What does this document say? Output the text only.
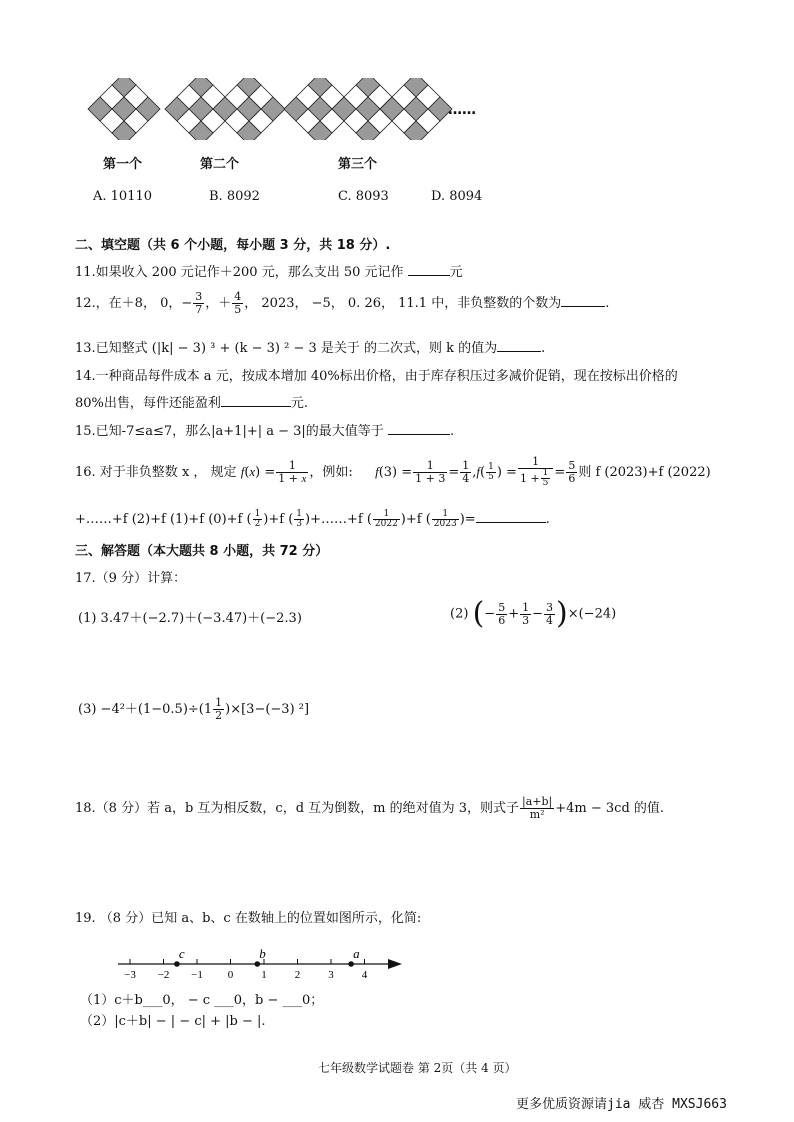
……
第一个	第二个	第三个
A. 10110	B. 8092	C. 8093	D. 8094
二、填空题（共 6 个小题，每小题 3 分，共 18 分）.
11.如果收入 200 元记作＋200 元，那么支出 50 元记作	元
12.，在＋8， 0，− $\frac{3}{7}$ ，＋ $\frac{4}{5}$ ， 2023， −5， 0. 26， 11.1 中，非负整数的个数为	.
13.已知整式 (|k| − 3) ³ + (k − 3) ² − 3 是关于 的二次式，则 k 的值为	.
14.一种商品每件成本 a 元，按成本增加 40%标出价格，由于库存积压过多减价促销，现在按标出价格的
80%出售，每件还能盈利	元.
15.已知-7≤a≤7，那么|a+1|+| a − 3|的最大值等于	.
16. 对于非负整数 x ， 规定 $f(x) = \frac{1}{1 + x}$ ，例如: $f(3) = \frac{1}{1 + 3} = \frac{1}{4} ,f( \frac{1}{5}$ ) = $\frac{1}{1 + \frac{1}{5}} = \frac{5}{6}$ 则 f (2023)+f (2022)
+……+f (2)+f (1)+f (0)+f ( $\frac{1}{2} )+f$ ( $\frac{1}{3}$ )+……+f ( $\frac{1}{2022} )+f$ ( $\frac{1}{2023}$ )=	.
三、解答题（本大题共 8 小题，共 72 分）
17.（9 分）计算：
(1) 3.47＋(−2.7)＋(−3.47)＋(−2.3)	(2) (− $\frac{5}{6} + \frac{1}{3} - \frac{3}{4} )\times(-24)$
$(3) -4^2+(1-0.5)\div(1 \frac{1}{2} )\times[3-(-3)$ ²]
18.（8 分）若 a，b 互为相反数，c，d 互为倒数，m 的绝对值为 3，则式子 $\frac{|a+b|}{\text{m²}} +4m - 3cd$ 的值.
19. （8 分）已知 a、b、c 在数轴上的位置如图所示，化简:
−3 −2 −1 0	1	2	3	4
c	b	a
（1）c＋b___0， − c ___0，b − ___0；
（2）|c＋b| − | − c| + |b − |.
七年级数学试题卷 第 2页（共 4 页）
更多优质资源请jia 威杏 MXSJ663
